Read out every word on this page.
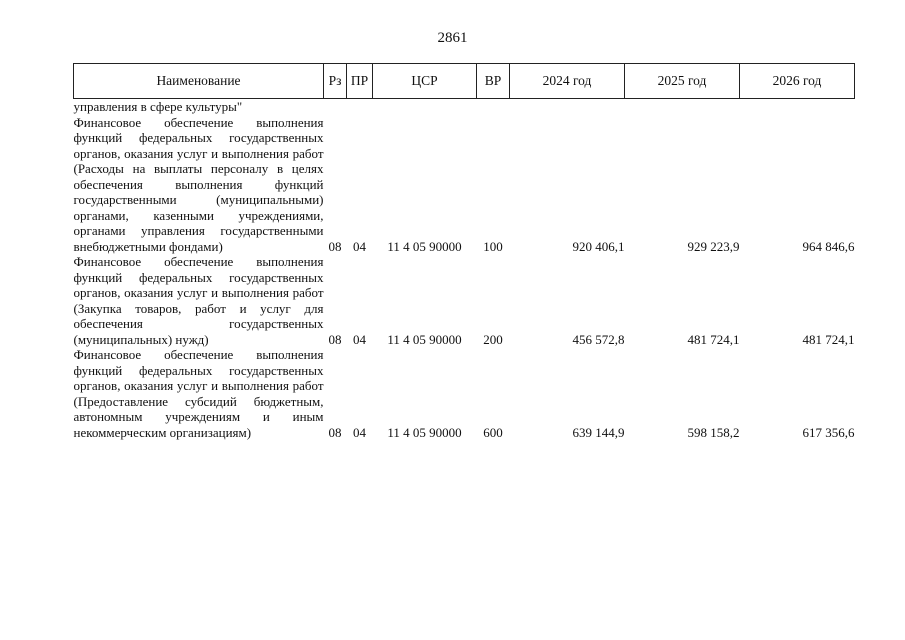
2861
Наименование	Рз	ПР	ЦСР	ВР	2024 год	2025 год	2026 год
управления в сфере культуры"							
Финансовое обеспечение выполнения функций федеральных государственных органов, оказания услуг и выполнения работ (Расходы на выплаты персоналу в целях обеспечения выполнения функций государственными (муниципальными) органами, казенными учреждениями, органами управления государственными внебюджетными фондами)	08	04	11 4 05 90000	100	920 406,1	929 223,9	964 846,6
Финансовое обеспечение выполнения функций федеральных государственных органов, оказания услуг и выполнения работ (Закупка товаров, работ и услуг для обеспечения государственных (муниципальных) нужд)	08	04	11 4 05 90000	200	456 572,8	481 724,1	481 724,1
Финансовое обеспечение выполнения функций федеральных государственных органов, оказания услуг и выполнения работ (Предоставление субсидий бюджетным, автономным учреждениям и иным некоммерческим организациям)	08	04	11 4 05 90000	600	639 144,9	598 158,2	617 356,6
